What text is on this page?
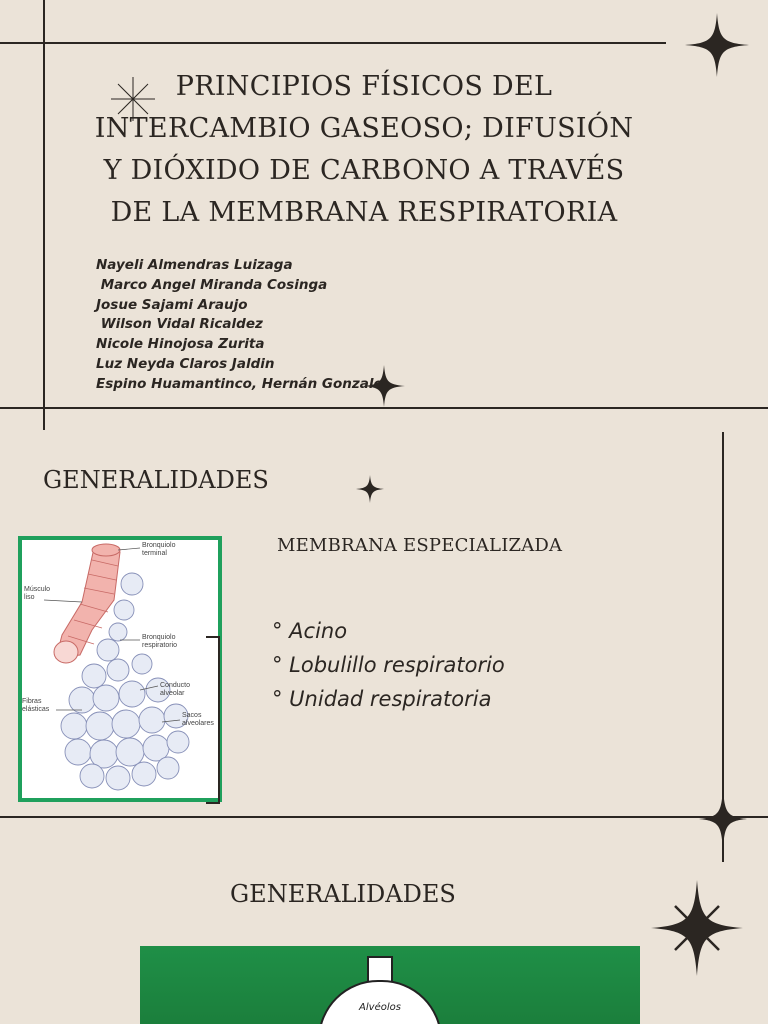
PRINCIPIOS FÍSICOS DEL
INTERCAMBIO GASEOSO; DIFUSIÓN
Y DIÓXIDO DE CARBONO A TRAVÉS
DE LA MEMBRANA RESPIRATORIA
Nayeli Almendras Luizaga
Marco Angel Miranda Cosinga
Josue Sajami Araujo
Wilson Vidal Ricaldez
Nicole Hinojosa Zurita
Luz Neyda Claros Jaldin
Espino Huamantinco, Hernán Gonzalo
GENERALIDADES
MEMBRANA ESPECIALIZADA
° Acino
° Lobulillo respiratorio
° Unidad respiratoria
Bronquiolo terminal
Músculo liso
Bronquiolo respiratorio
Conducto alveolar
Fibras elásticas
Sacos alveolares
GENERALIDADES
Alvéolos
